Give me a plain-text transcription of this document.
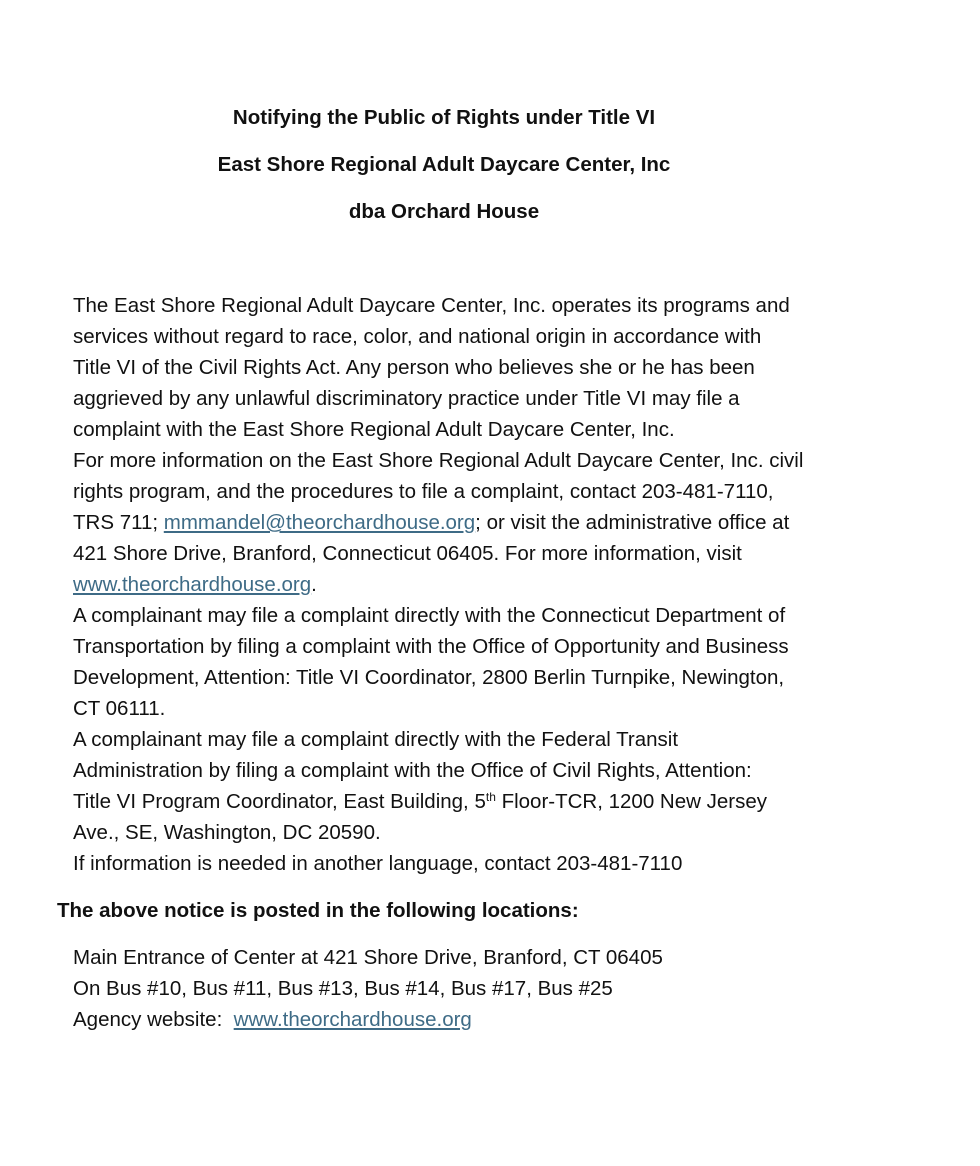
Notifying the Public of Rights under Title VI
East Shore Regional Adult Daycare Center, Inc
dba Orchard House
The East Shore Regional Adult Daycare Center, Inc. operates its programs and
services without regard to race, color, and national origin in accordance with
Title VI of the Civil Rights Act. Any person who believes she or he has been
aggrieved by any unlawful discriminatory practice under Title VI may file a
complaint with the East Shore Regional Adult Daycare Center, Inc.
For more information on the East Shore Regional Adult Daycare Center, Inc. civil
rights program, and the procedures to file a complaint, contact 203-481-7110,
TRS 711; mmmandel@theorchardhouse.org; or visit the administrative office at
421 Shore Drive, Branford, Connecticut 06405. For more information, visit
www.theorchardhouse.org.
A complainant may file a complaint directly with the Connecticut Department of
Transportation by filing a complaint with the Office of Opportunity and Business
Development, Attention: Title VI Coordinator, 2800 Berlin Turnpike, Newington,
CT 06111.
A complainant may file a complaint directly with the Federal Transit
Administration by filing a complaint with the Office of Civil Rights, Attention:
Title VI Program Coordinator, East Building, 5th Floor-TCR, 1200 New Jersey
Ave., SE, Washington, DC 20590.
If information is needed in another language, contact 203-481-7110
The above notice is posted in the following locations:
Main Entrance of Center at 421 Shore Drive, Branford, CT 06405
On Bus #10, Bus #11, Bus #13, Bus #14, Bus #17, Bus #25
Agency website:  www.theorchardhouse.org
